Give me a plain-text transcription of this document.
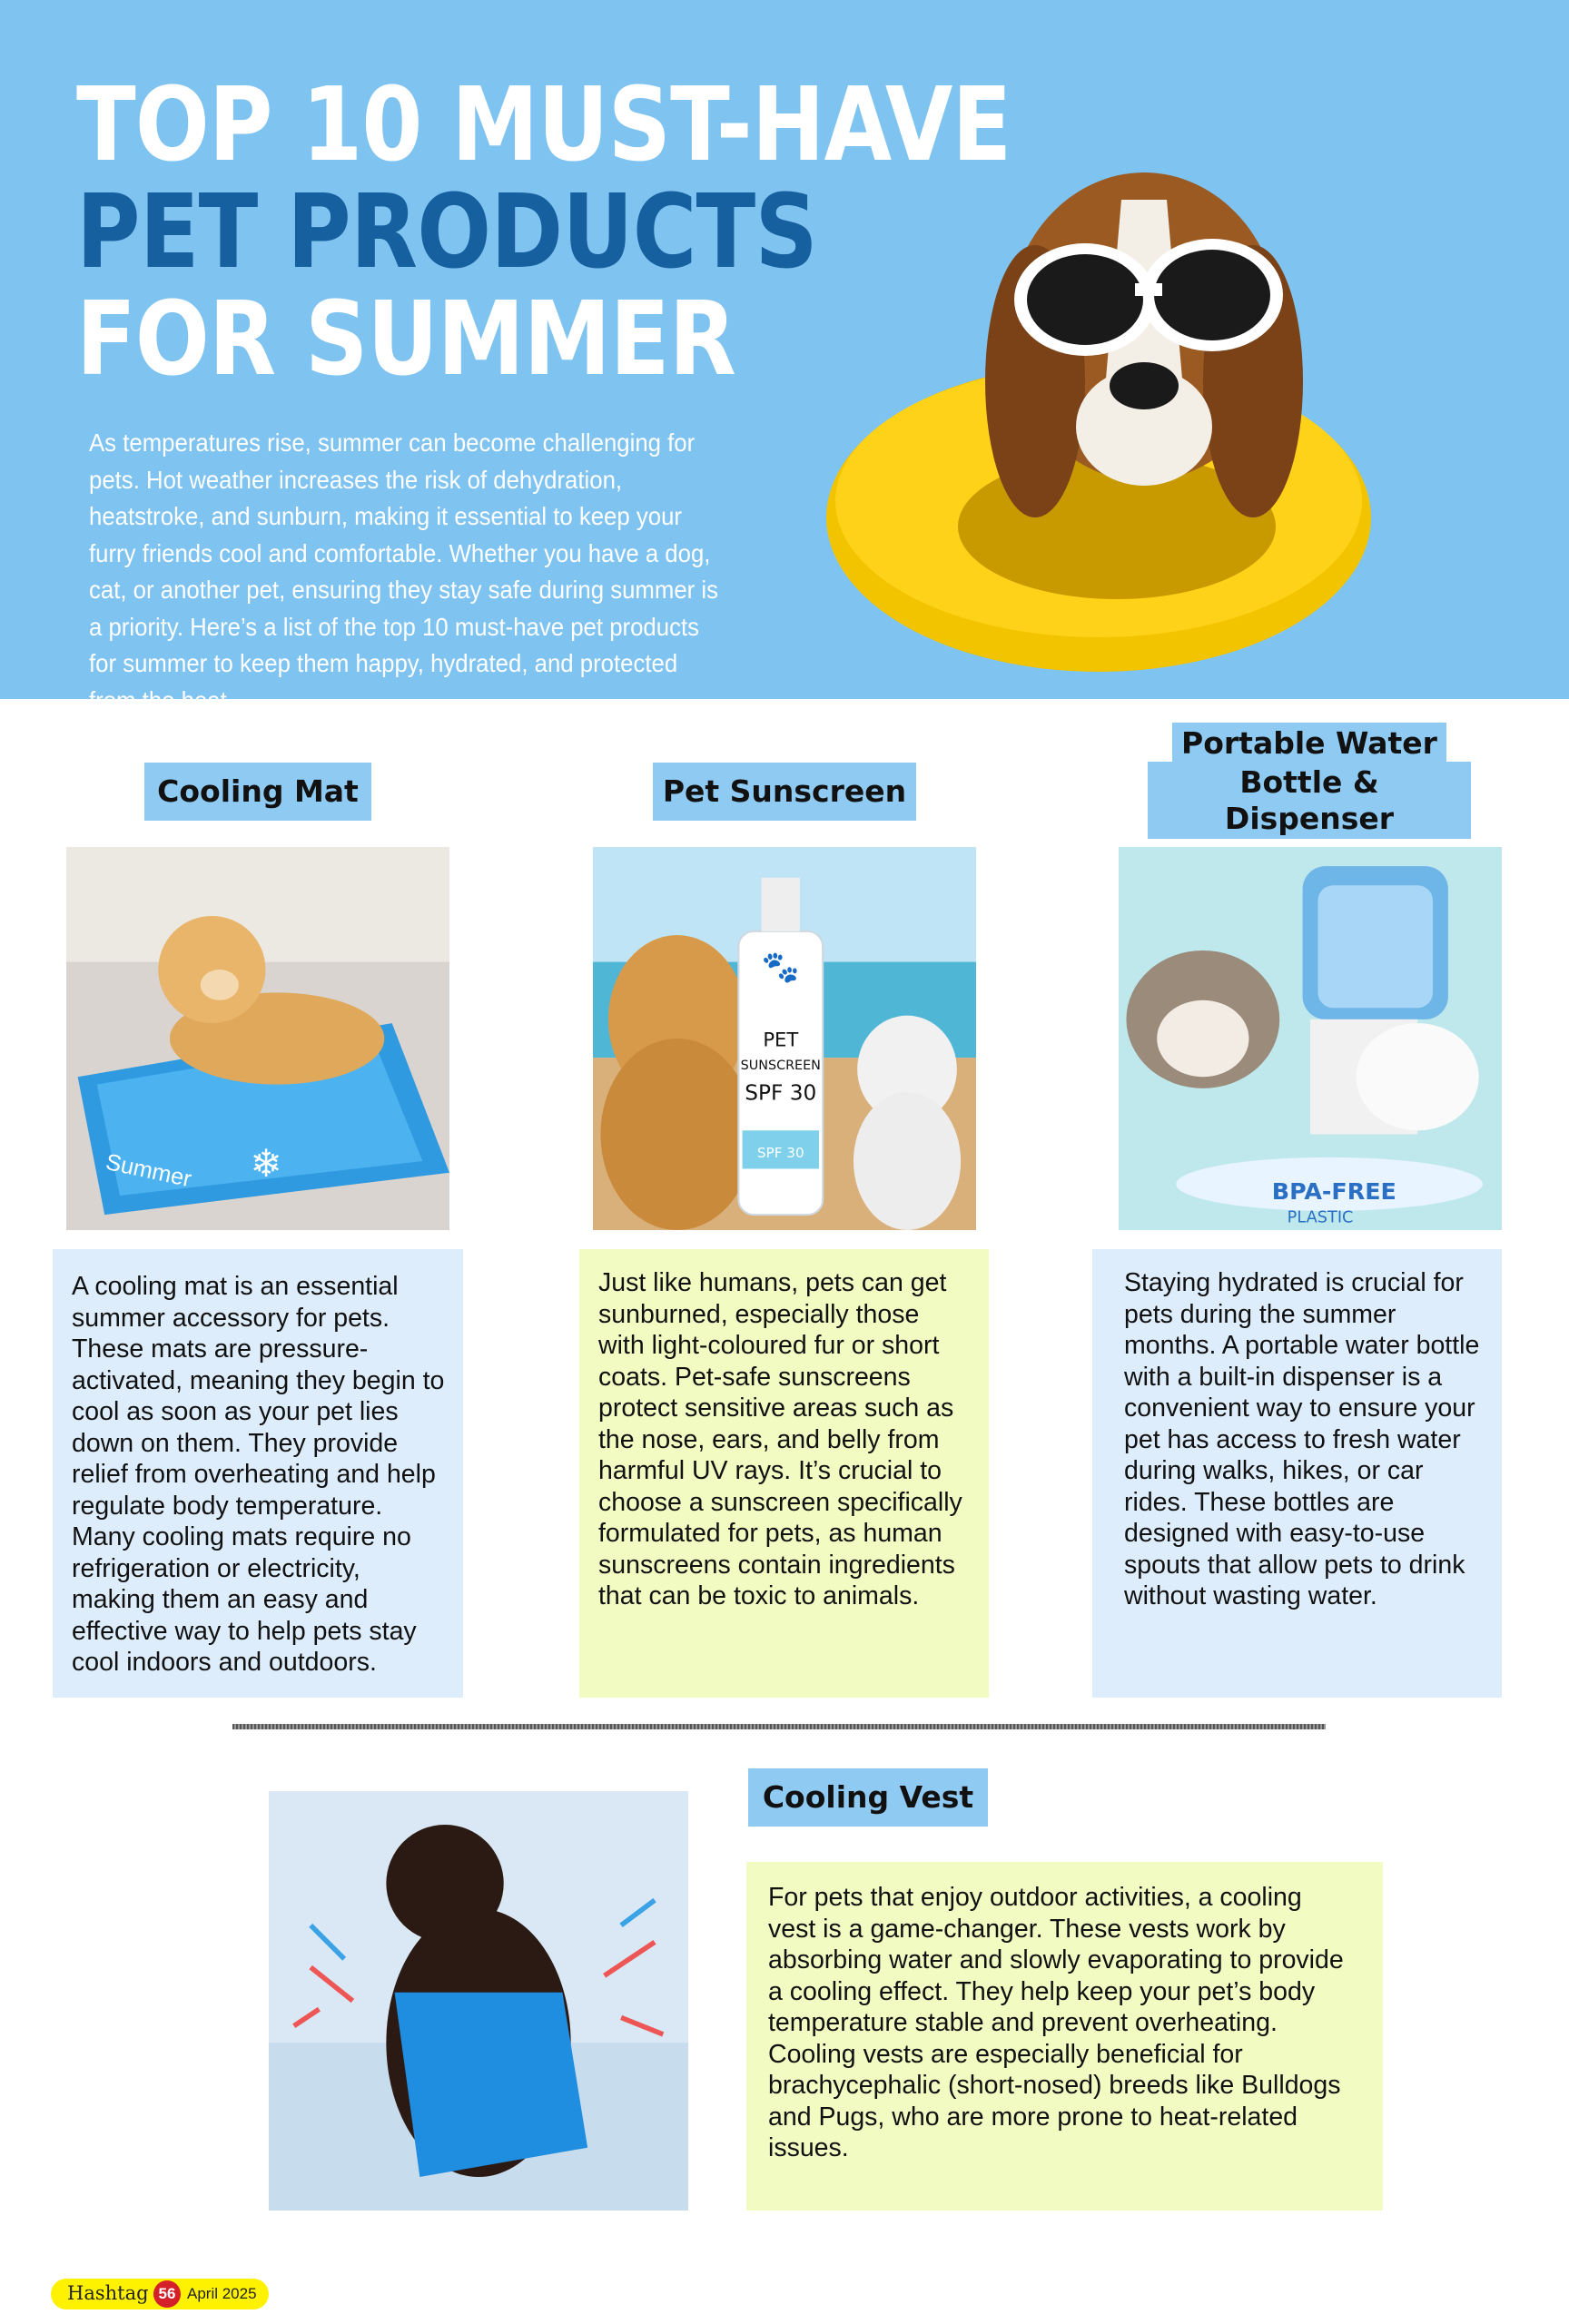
TOP 10 MUST-HAVE
PET PRODUCTS
FOR SUMMER

As temperatures rise, summer can become challenging for pets. Hot weather increases the risk of dehydration, heatstroke, and sunburn, making it essential to keep your furry friends cool and comfortable. Whether you have a dog, cat, or another pet, ensuring they stay safe during summer is a priority. Here’s a list of the top 10 must-have pet products for summer to keep them happy, hydrated, and protected from the heat.

Cooling Mat
Summer	❄

A cooling mat is an essential summer accessory for pets. These mats are pressure-activated, meaning they begin to cool as soon as your pet lies down on them. They provide relief from overheating and help regulate body temperature. Many cooling mats require no refrigeration or electricity, making them an easy and effective way to help pets stay cool indoors and outdoors.

Pet Sunscreen
🐾
PET
SUNSCREEN
SPF 30
SPF 30

Just like humans, pets can get sunburned, especially those with light-coloured fur or short coats. Pet-safe sunscreens protect sensitive areas such as the nose, ears, and belly from harmful UV rays. It’s crucial to choose a sunscreen specifically formulated for pets, as human sunscreens contain ingredients that can be toxic to animals.

Portable Water
Bottle & Dispenser
BPA-FREE
PLASTIC

Staying hydrated is crucial for pets during the summer months. A portable water bottle with a built-in dispenser is a convenient way to ensure your pet has access to fresh water during walks, hikes, or car rides. These bottles are designed with easy-to-use spouts that allow pets to drink without wasting water.

Cooling Vest

For pets that enjoy outdoor activities, a cooling vest is a game-changer. These vests work by absorbing water and slowly evaporating to provide a cooling effect. They help keep your pet’s body temperature stable and prevent overheating. Cooling vests are especially beneficial for brachycephalic (short-nosed) breeds like Bulldogs and Pugs, who are more prone to heat-related issues.

Hashtag 56 April 2025
